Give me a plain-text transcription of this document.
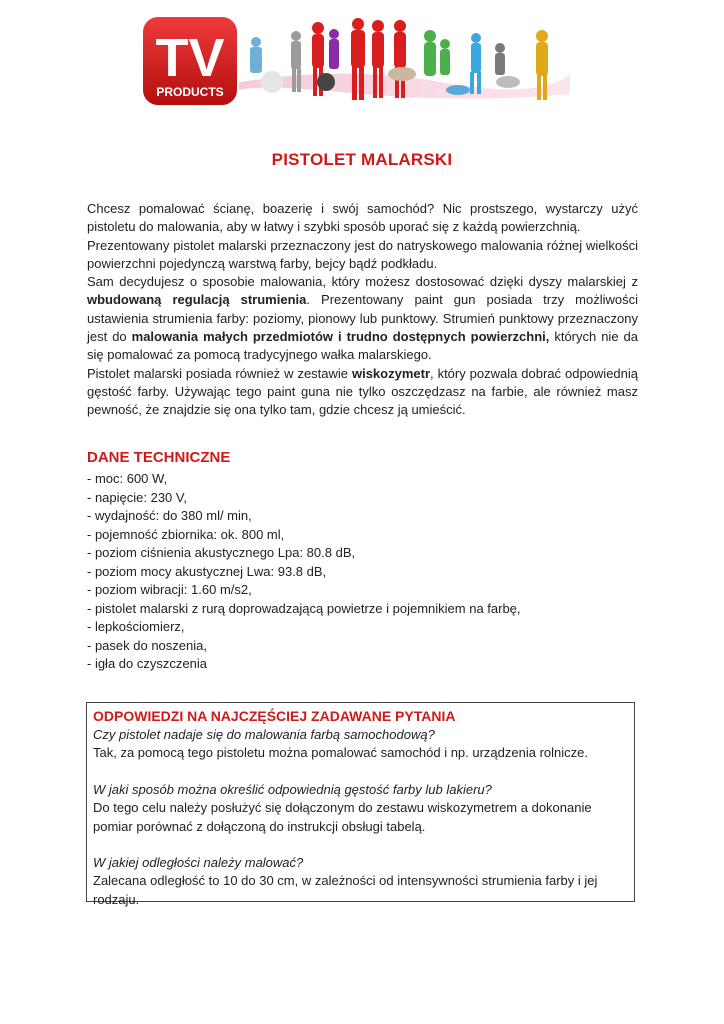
TV
PRODUCTS
PISTOLET MALARSKI

Chcesz pomalować ścianę, boazerię i swój samochód? Nic prostszego, wystarczy użyć pistoletu do malowania, aby w łatwy i szybki sposób uporać się z każdą powierzchnią.

Prezentowany pistolet malarski przeznaczony jest do natryskowego malowania różnej wielkości powierzchni pojedynczą warstwą farby, bejcy bądź podkładu.

Sam decydujesz o sposobie malowania, który możesz dostosować dzięki dyszy malarskiej z wbudowaną regulacją strumienia. Prezentowany paint gun posiada trzy możliwości ustawienia strumienia farby: poziomy, pionowy lub punktowy. Strumień punktowy przeznaczony jest do malowania małych przedmiotów i trudno dostępnych powierzchni, których nie da się pomalować za pomocą tradycyjnego wałka malarskiego.

Pistolet malarski posiada również w zestawie wiskozymetr, który pozwala dobrać odpowiednią gęstość farby. Używając tego paint guna nie tylko oszczędzasz na farbie, ale również masz pewność, że znajdzie się ona tylko tam, gdzie chcesz ją umieścić.

DANE TECHNICZNE
- moc: 600 W,
- napięcie: 230 V,
- wydajność: do 380 ml/ min,
- pojemność zbiornika: ok. 800 ml,
- poziom ciśnienia akustycznego Lpa: 80.8 dB,
- poziom mocy akustycznej Lwa: 93.8 dB,
- poziom wibracji: 1.60 m/s2,
- pistolet malarski z rurą doprowadzającą powietrze i pojemnikiem na farbę,
- lepkościomierz,
- pasek do noszenia,
- igła do czyszczenia
ODPOWIEDZI NA NAJCZĘŚCIEJ ZADAWANE PYTANIA
Czy pistolet nadaje się do malowania farbą samochodową?
Tak, za pomocą tego pistoletu można pomalować samochód i np. urządzenia rolnicze.
W jaki sposób można określić odpowiednią gęstość farby lub lakieru?
Do tego celu należy posłużyć się dołączonym do zestawu wiskozymetrem a dokonanie pomiar porównać z dołączoną do instrukcji obsługi tabelą.
W jakiej odległości należy malować?
Zalecana odległość to 10 do 30 cm, w zależności od intensywności strumienia farby i jej rodzaju.
